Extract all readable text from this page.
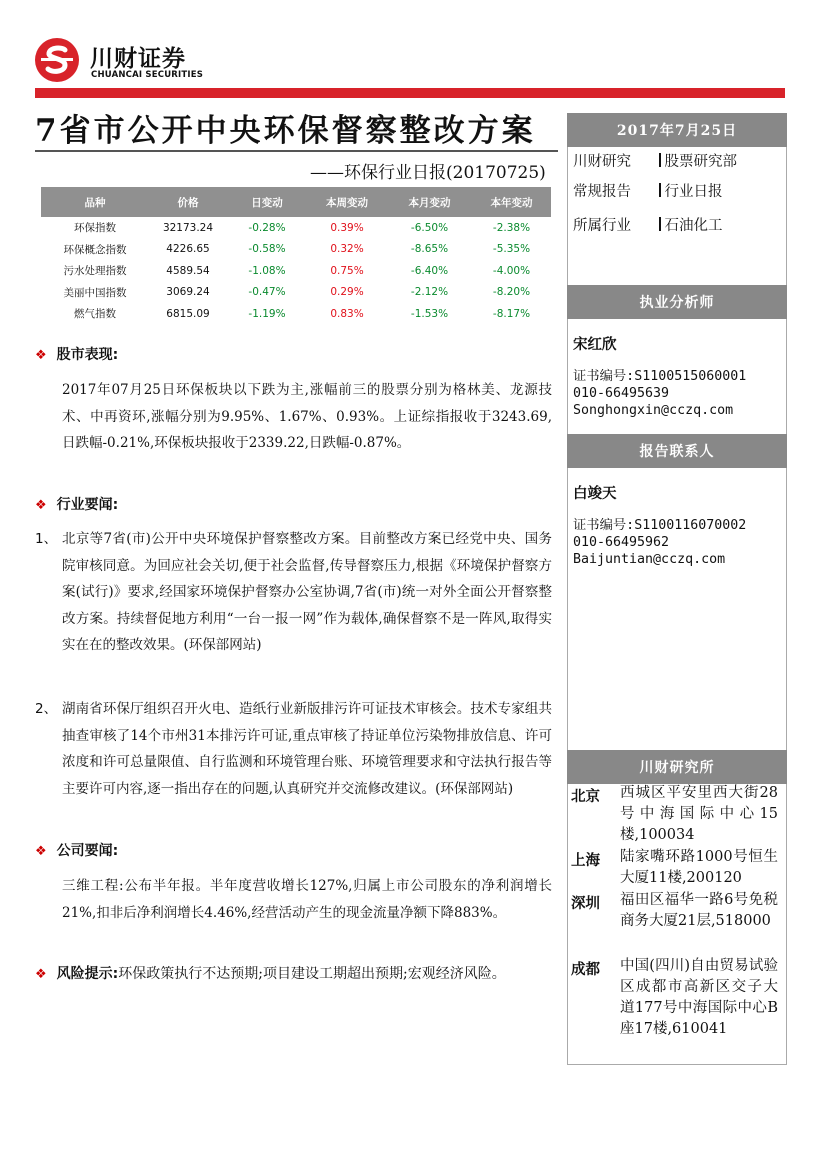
川财证券
CHUANCAI SECURITIES
7省市公开中央环保督察整改方案
——环保行业日报(20170725)
品种	价格	日变动	本周变动	本月变动	本年变动
环保指数	32173.24	-0.28%	0.39%	-6.50%	-2.38%
环保概念指数	4226.65	-0.58%	0.32%	-8.65%	-5.35%
污水处理指数	4589.54	-1.08%	0.75%	-6.40%	-4.00%
美丽中国指数	3069.24	-0.47%	0.29%	-2.12%	-8.20%
燃气指数	6815.09	-1.19%	0.83%	-1.53%	-8.17%
❖ 股市表现:
2017年07月25日环保板块以下跌为主,涨幅前三的股票分别为格林美、龙源技术、中再资环,涨幅分别为9.95%、1.67%、0.93%。上证综指报收于3243.69,日跌幅-0.21%,环保板块报收于2339.22,日跌幅-0.87%。
❖ 行业要闻:
1、 北京等7省(市)公开中央环境保护督察整改方案。目前整改方案已经党中央、国务院审核同意。为回应社会关切,便于社会监督,传导督察压力,根据《环境保护督察方案(试行)》要求,经国家环境保护督察办公室协调,7省(市)统一对外全面公开督察整改方案。持续督促地方利用“一台一报一网”作为载体,确保督察不是一阵风,取得实实在在的整改效果。(环保部网站)
2、 湖南省环保厅组织召开火电、造纸行业新版排污许可证技术审核会。技术专家组共抽查审核了14个市州31本排污许可证,重点审核了持证单位污染物排放信息、许可浓度和许可总量限值、自行监测和环境管理台账、环境管理要求和守法执行报告等主要许可内容,逐一指出存在的问题,认真研究并交流修改建议。(环保部网站)
❖ 公司要闻:
三维工程:公布半年报。半年度营收增长127%,归属上市公司股东的净利润增长21%,扣非后净利润增长4.46%,经营活动产生的现金流量净额下降883%。
❖ 风险提示:环保政策执行不达预期;项目建设工期超出预期;宏观经济风险。
2017年7月25日
川财研究 股票研究部
常规报告 行业日报
所属行业 石油化工
执业分析师
宋红欣
证书编号:S1100515060001
010-66495639
Songhongxin@cczq.com
报告联系人
白竣天
证书编号:S1100116070002
010-66495962
Baijuntian@cczq.com
川财研究所
北京 西城区平安里西大街28号中海国际中心15楼,100034
上海 陆家嘴环路1000号恒生大厦11楼,200120
深圳 福田区福华一路6号免税商务大厦21层,518000
成都 中国(四川)自由贸易试验区成都市高新区交子大道177号中海国际中心B座17楼,610041
